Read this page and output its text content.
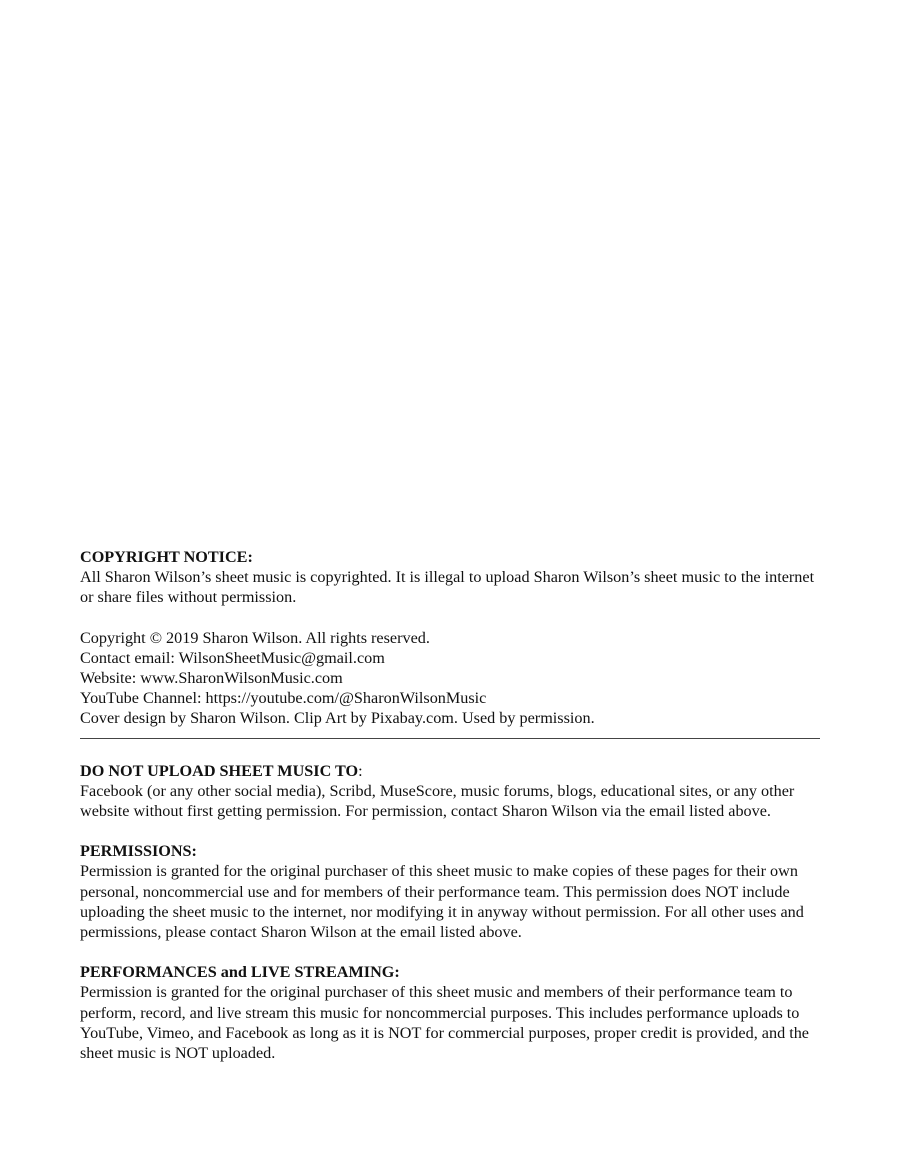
COPYRIGHT NOTICE:

All Sharon Wilson’s sheet music is copyrighted. It is illegal to upload Sharon Wilson’s sheet music to the internet or share files without permission.

Copyright © 2019 Sharon Wilson. All rights reserved.
Contact email: WilsonSheetMusic@gmail.com
Website: www.SharonWilsonMusic.com
YouTube Channel: https://youtube.com/@SharonWilsonMusic
Cover design by Sharon Wilson. Clip Art by Pixabay.com. Used by permission.

DO NOT UPLOAD SHEET MUSIC TO:

Facebook (or any other social media), Scribd, MuseScore, music forums, blogs, educational sites, or any other website without first getting permission. For permission, contact Sharon Wilson via the email listed above.

PERMISSIONS:

Permission is granted for the original purchaser of this sheet music to make copies of these pages for their own personal, noncommercial use and for members of their performance team. This permission does NOT include uploading the sheet music to the internet, nor modifying it in anyway without permission. For all other uses and permissions, please contact Sharon Wilson at the email listed above.

PERFORMANCES and LIVE STREAMING:

Permission is granted for the original purchaser of this sheet music and members of their performance team to perform, record, and live stream this music for noncommercial purposes. This includes performance uploads to YouTube, Vimeo, and Facebook as long as it is NOT for commercial purposes, proper credit is provided, and the sheet music is NOT uploaded.
